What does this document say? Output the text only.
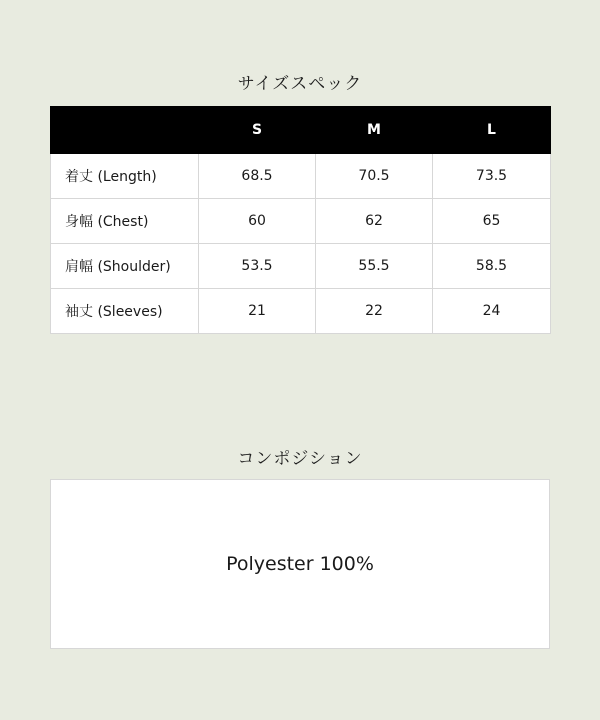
サイズスペック
	S	M	L
着丈 (Length)	68.5	70.5	73.5
身幅 (Chest)	60	62	65
肩幅 (Shoulder)	53.5	55.5	58.5
袖丈 (Sleeves)	21	22	24
コンポジション
Polyester 100%
